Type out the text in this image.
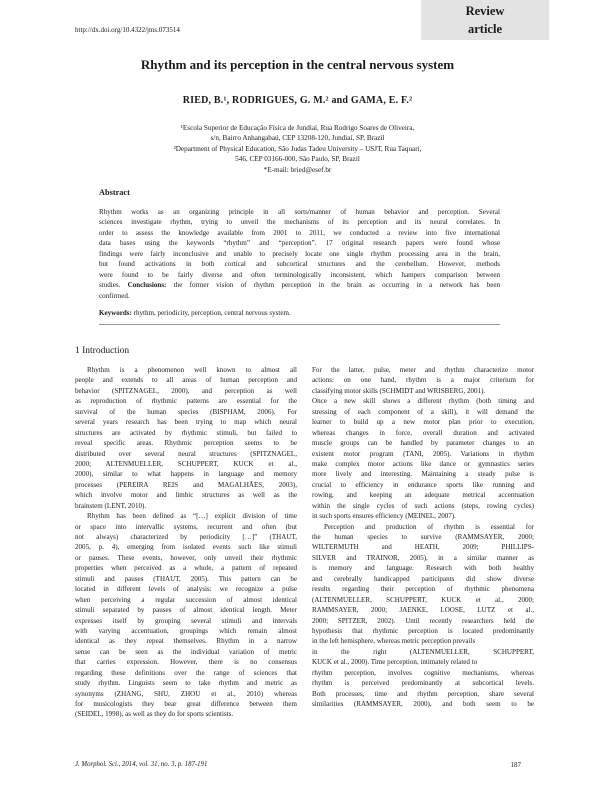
Review
article
http://dx.doi.org/10.4322/jms.073514
Rhythm and its perception in the central nervous system
RIED, B.¹, RODRIGUES, G. M.² and GAMA, E. F.²
¹Escola Superior de Educação Física de Jundiaí, Rua Rodrigo Soares de Oliveira,
s/n, Bairro Anhangabaú, CEP 13208-120, Jundiaí, SP, Brazil
²Department of Physical Education, São Judas Tadeu University – USJT, Rua Taquari,
546, CEP 03166-000, São Paulo, SP, Brazil
*E-mail: bried@esef.br
Abstract
Rhythm works as an organizing principle in all sorts/manner of human behavior and perception. Several
sciences investigate rhythm, trying to unveil the mechanisms of its perception and its neural correlates. In
order to assess the knowledge available from 2001 to 2011, we conducted a review into five international
data bases using the keywords “rhythm” and “perception”. 17 original research papers were found whose
findings were fairly inconclusive and unable to precisely locate one single rhythm processing area in the brain,
but found activations in both cortical and subcortical structures and the cerebellum. However, methods
were found to be fairly diverse and often terminologically inconsistent, which hampers comparison between
studies. Conclusions: the former vision of rhythm perception in the brain as occurring in a network has been
confirmed.
Keywords: rhythm, periodicity, perception, central nervous system.
1 Introduction
Rhythm is a phenomenon well known to almost all
people and extends to all areas of human perception and
behavior (SPITZNAGEL, 2000), and perception as well
as reproduction of rhythmic patterns are essential for the
survival of the human species (BISPHAM, 2006). For
several years research has been trying to map which neural
structures are activated by rhythmic stimuli, but failed to
reveal specific areas. Rhythmic perception seems to be
distributed over several neural structures (SPITZNAGEL,
2000; ALTENMUELLER, SCHUPPERT, KUCK et al.,
2000), similar to what happens in language and memory
processes (PEREIRA REIS and MAGALHÃES, 2003),
which involve motor and limbic structures as well as the
brainstem (LENT, 2010).
Rhythm has been defined as “[…] explicit division of time
or space into intervallic systems, recurrent and often (but
not always) characterized by periodicity […]” (THAUT,
2005, p. 4), emerging from isolated events such like stimuli
or pauses. These events, however, only unveil their rhythmic
properties when perceived as a whole, a pattern of repeated
stimuli and pauses (THAUT, 2005). This pattern can be
located in different levels of analysis: we recognize a pulse
when perceiving a regular succession of almost identical
stimuli separated by pauses of almost identical length. Meter
expresses itself by grouping several stimuli and intervals
with varying accentuation, groupings which remain almost
identical as they repeat themselves. Rhythm in a narrow
sense can be seen as the individual variation of metric
that carries expression. However, there is no consensus
regarding these definitions over the range of sciences that
study rhythm. Linguists seem to take rhythm and metric as
synonyms (ZHANG, SHU, ZHOU et al., 2010) whereas
for musicologists they bear great difference between them
(SEIDEL, 1998), as well as they do for sports scientists.
For the latter, pulse, meter and rhythm characterize motor
actions: on one hand, rhythm is a major criterium for
classifying motor skills (SCHMIDT and WRISBERG, 2001).
Once a new skill shows a different rhythm (both timing and
stressing of each component of a skill), it will demand the
learner to build up a new motor plan prior to execution,
whereas changes in force, overall duration and activated
muscle groups can be handled by parameter changes to an
existent motor program (TANI, 2005). Variations in rhythm
make complex motor actions like dance or gymnastics series
more lively and interesting. Maintaining a steady pulse is
crucial to efficiency in endurance sports like running and
rowing, and keeping an adequate metrical accentuation
within the single cycles of such actions (steps, rowing cycles)
in such sports ensures efficiency (MEINEL, 2007).
Perception and production of rhythm is essential for
the human species to survive (RAMMSAYER, 2000;
WILTERMUTH and HEATH, 2009; PHILLIPS-
SILVER and TRAINOR, 2005), in a similar manner as
is memory and language. Research with both healthy
and cerebrally handicapped participants did show diverse
results regarding their perception of rhythmic phenomena
(ALTENMUELLER, SCHUPPERT, KUCK et al., 2000;
RAMMSAYER, 2000; JAENKE, LOOSE, LUTZ et al.,
2000; SPITZER, 2002). Until recently researchers held the
hypothesis that rhythmic perception is located predominantly
in the left hemisphere, whereas metric perception prevails
in the right (ALTENMUELLER, SCHUPPERT,
KUCK et al., 2000). Time perception, intimately related to
rhythm perception, involves cognitive mechanisms, whereas
rhythm is perceived predominantly at subcortical levels.
Both processes, time and rhythm perception, share several
similarities (RAMMSAYER, 2000), and both seem to be
J. Morphol. Sci., 2014, vol. 31, no. 3, p. 187-191	187
